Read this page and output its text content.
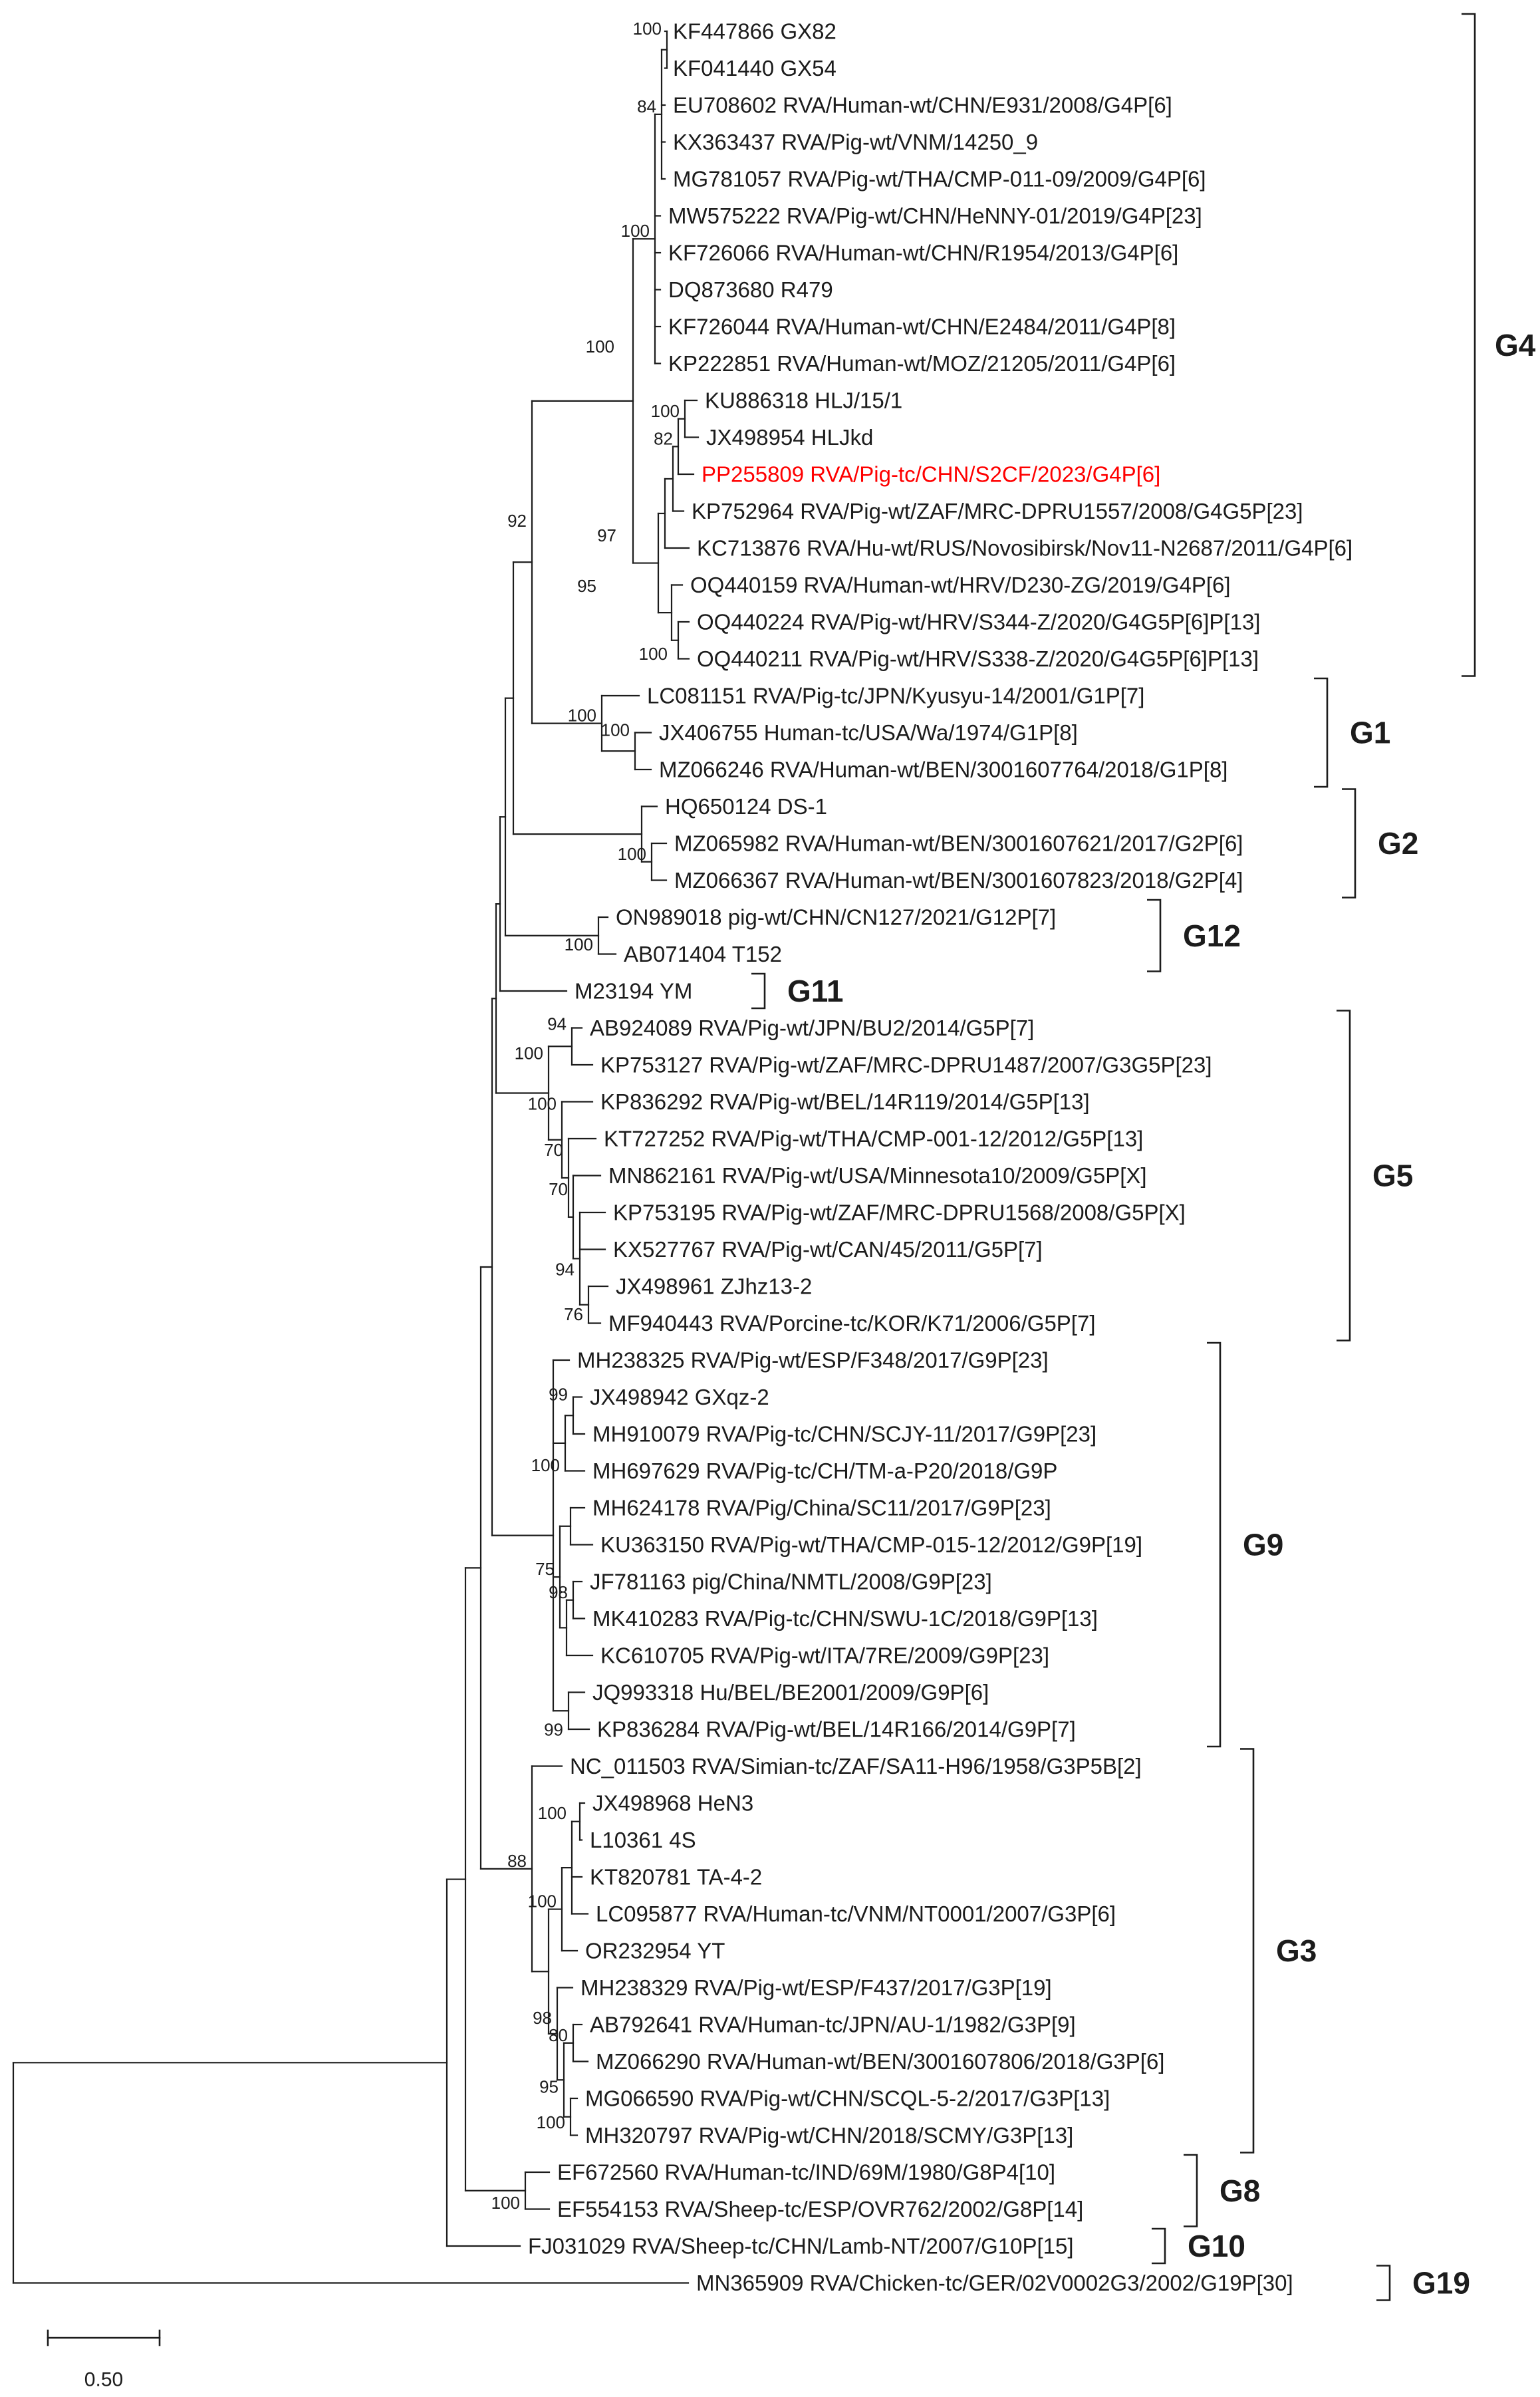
KF447866 GX82
KF041440 GX54
100
EU708602 RVA/Human-wt/CHN/E931/2008/G4P[6]
KX363437 RVA/Pig-wt/VNM/14250_9
MG781057 RVA/Pig-wt/THA/CMP-011-09/2009/G4P[6]
84
MW575222 RVA/Pig-wt/CHN/HeNNY-01/2019/G4P[23]
KF726066 RVA/Human-wt/CHN/R1954/2013/G4P[6]
DQ873680 R479
KF726044 RVA/Human-wt/CHN/E2484/2011/G4P[8]
KP222851 RVA/Human-wt/MOZ/21205/2011/G4P[6]
100
KU886318 HLJ/15/1
JX498954 HLJkd
100
PP255809 RVA/Pig-tc/CHN/S2CF/2023/G4P[6]
82
KP752964 RVA/Pig-wt/ZAF/MRC-DPRU1557/2008/G4G5P[23]
KC713876 RVA/Hu-wt/RUS/Novosibirsk/Nov11-N2687/2011/G4P[6]
97
OQ440159 RVA/Human-wt/HRV/D230-ZG/2019/G4P[6]
OQ440224 RVA/Pig-wt/HRV/S344-Z/2020/G4G5P[6]P[13]
OQ440211 RVA/Pig-wt/HRV/S338-Z/2020/G4G5P[6]P[13]
100
95
100
LC081151 RVA/Pig-tc/JPN/Kyusyu-14/2001/G1P[7]
JX406755 Human-tc/USA/Wa/1974/G1P[8]
MZ066246 RVA/Human-wt/BEN/3001607764/2018/G1P[8]
100
100
92
HQ650124 DS-1
MZ065982 RVA/Human-wt/BEN/3001607621/2017/G2P[6]
MZ066367 RVA/Human-wt/BEN/3001607823/2018/G2P[4]
100
ON989018 pig-wt/CHN/CN127/2021/G12P[7]
AB071404 T152
100
M23194 YM
AB924089 RVA/Pig-wt/JPN/BU2/2014/G5P[7]
KP753127 RVA/Pig-wt/ZAF/MRC-DPRU1487/2007/G3G5P[23]
94
KP836292 RVA/Pig-wt/BEL/14R119/2014/G5P[13]
KT727252 RVA/Pig-wt/THA/CMP-001-12/2012/G5P[13]
MN862161 RVA/Pig-wt/USA/Minnesota10/2009/G5P[X]
KP753195 RVA/Pig-wt/ZAF/MRC-DPRU1568/2008/G5P[X]
KX527767 RVA/Pig-wt/CAN/45/2011/G5P[7]
JX498961 ZJhz13-2
MF940443 RVA/Porcine-tc/KOR/K71/2006/G5P[7]
76
94
70
70
100
100
MH238325 RVA/Pig-wt/ESP/F348/2017/G9P[23]
JX498942 GXqz-2
MH910079 RVA/Pig-tc/CHN/SCJY-11/2017/G9P[23]
99
MH697629 RVA/Pig-tc/CH/TM-a-P20/2018/G9P
100
MH624178 RVA/Pig/China/SC11/2017/G9P[23]
KU363150 RVA/Pig-wt/THA/CMP-015-12/2012/G9P[19]
JF781163 pig/China/NMTL/2008/G9P[23]
MK410283 RVA/Pig-tc/CHN/SWU-1C/2018/G9P[13]
98
KC610705 RVA/Pig-wt/ITA/7RE/2009/G9P[23]
75
JQ993318 Hu/BEL/BE2001/2009/G9P[6]
KP836284 RVA/Pig-wt/BEL/14R166/2014/G9P[7]
99
NC_011503 RVA/Simian-tc/ZAF/SA11-H96/1958/G3P5B[2]
JX498968 HeN3
L10361 4S
KT820781 TA-4-2
LC095877 RVA/Human-tc/VNM/NT0001/2007/G3P[6]
100
OR232954 YT
100
MH238329 RVA/Pig-wt/ESP/F437/2017/G3P[19]
AB792641 RVA/Human-tc/JPN/AU-1/1982/G3P[9]
MZ066290 RVA/Human-wt/BEN/3001607806/2018/G3P[6]
80
MG066590 RVA/Pig-wt/CHN/SCQL-5-2/2017/G3P[13]
MH320797 RVA/Pig-wt/CHN/2018/SCMY/G3P[13]
100
95
98
88
EF672560 RVA/Human-tc/IND/69M/1980/G8P4[10]
EF554153 RVA/Sheep-tc/ESP/OVR762/2002/G8P[14]
100
FJ031029 RVA/Sheep-tc/CHN/Lamb-NT/2007/G10P[15]
MN365909 RVA/Chicken-tc/GER/02V0002G3/2002/G19P[30]
G4
G1
G2
G12
G11
G5
G9
G3
G8
G10
G19
0.50
